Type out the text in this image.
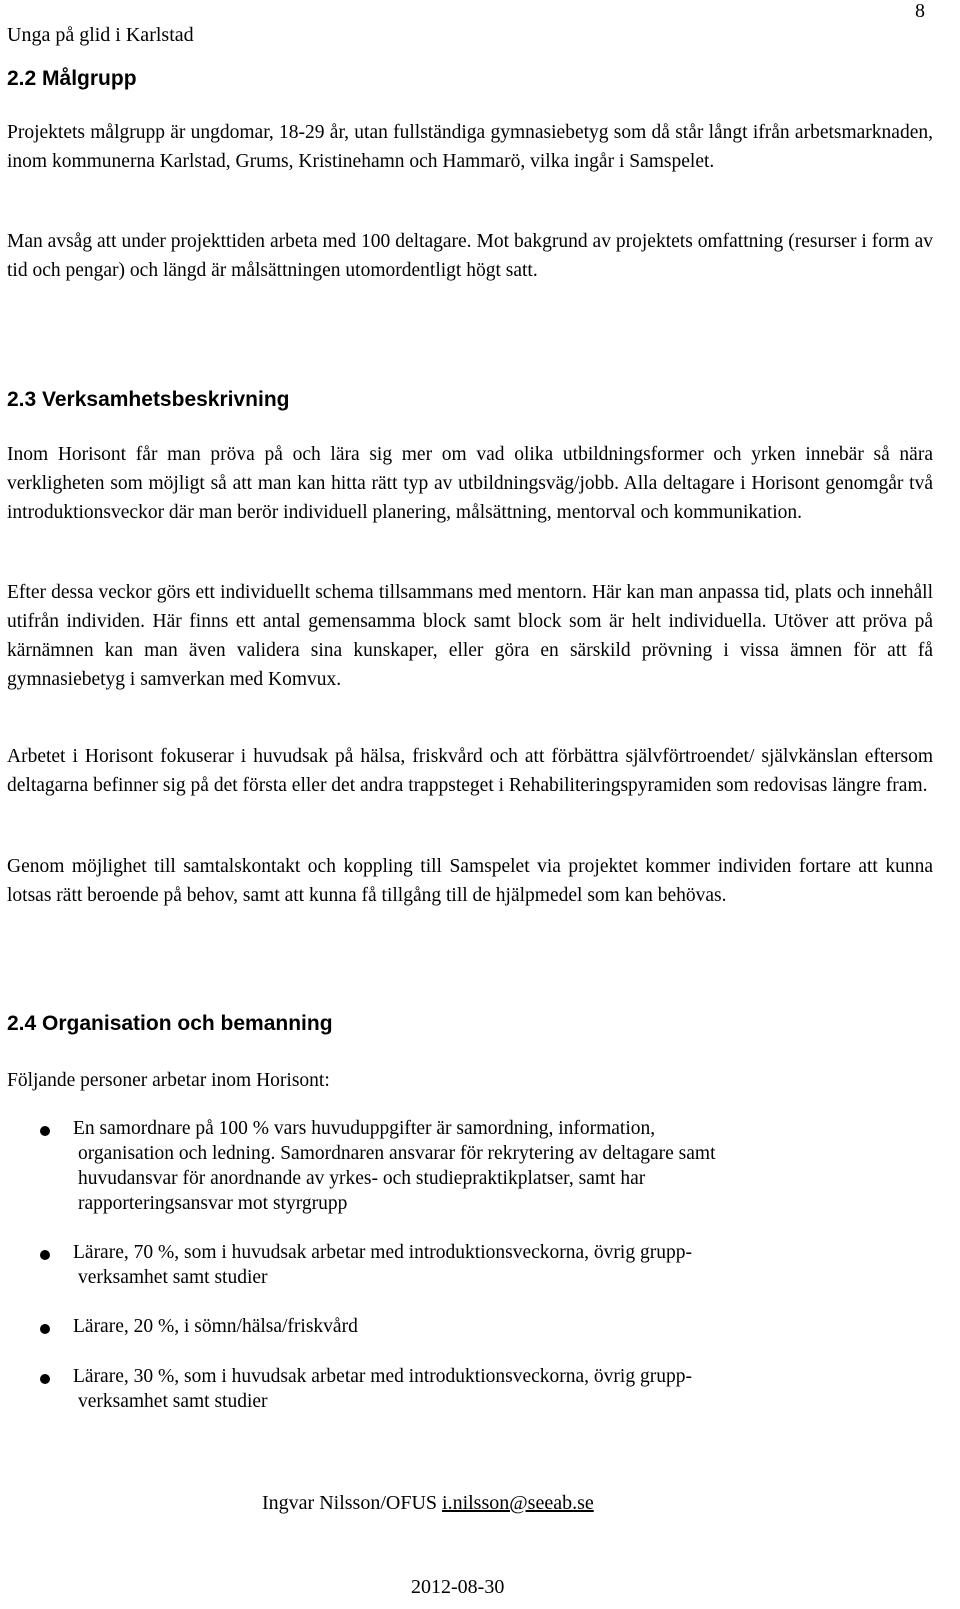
Unga på glid i Karlstad
8
2.2 Målgrupp

Projektets målgrupp är ungdomar, 18-29 år, utan fullständiga gymnasiebetyg som då står långt ifrån arbetsmarknaden, inom kommunerna Karlstad, Grums, Kristinehamn och Hammarö, vilka ingår i Samspelet.

Man avsåg att under projekttiden arbeta med 100 deltagare. Mot bakgrund av projektets omfattning (resurser i form av tid och pengar) och längd är målsättningen utomordentligt högt satt.

2.3 Verksamhetsbeskrivning

Inom Horisont får man pröva på och lära sig mer om vad olika utbildningsformer och yrken innebär så nära verkligheten som möjligt så att man kan hitta rätt typ av utbildningsväg/jobb. Alla deltagare i Horisont genomgår två introduktionsveckor där man berör individuell planering, målsättning, mentorval och kommunikation.

Efter dessa veckor görs ett individuellt schema tillsammans med mentorn. Här kan man anpassa tid, plats och innehåll utifrån individen. Här finns ett antal gemensamma block samt block som är helt individuella. Utöver att pröva på kärnämnen kan man även validera sina kunskaper, eller göra en särskild prövning i vissa ämnen för att få gymnasiebetyg i samverkan med Komvux.

Arbetet i Horisont fokuserar i huvudsak på hälsa, friskvård och att förbättra självförtroendet/ självkänslan eftersom deltagarna befinner sig på det första eller det andra trappsteget i Rehabiliteringspyramiden som redovisas längre fram.

Genom möjlighet till samtalskontakt och koppling till Samspelet via projektet kommer individen fortare att kunna lotsas rätt beroende på behov, samt att kunna få tillgång till de hjälpmedel som kan behövas.

2.4 Organisation och bemanning

Följande personer arbetar inom Horisont:

En samordnare på 100 % vars huvuduppgifter är samordning, information,
organisation och ledning. Samordnaren ansvarar för rekrytering av deltagare samt
huvudansvar för anordnande av yrkes- och studiepraktikplatser, samt har
rapporteringsansvar mot styrgrupp
Lärare, 70 %, som i huvudsak arbetar med introduktionsveckorna, övrig grupp-
verksamhet samt studier
Lärare, 20 %, i sömn/hälsa/friskvård
Lärare, 30 %, som i huvudsak arbetar med introduktionsveckorna, övrig grupp-
verksamhet samt studier
Ingvar Nilsson/OFUS i.nilsson@seeab.se
2012-08-30
